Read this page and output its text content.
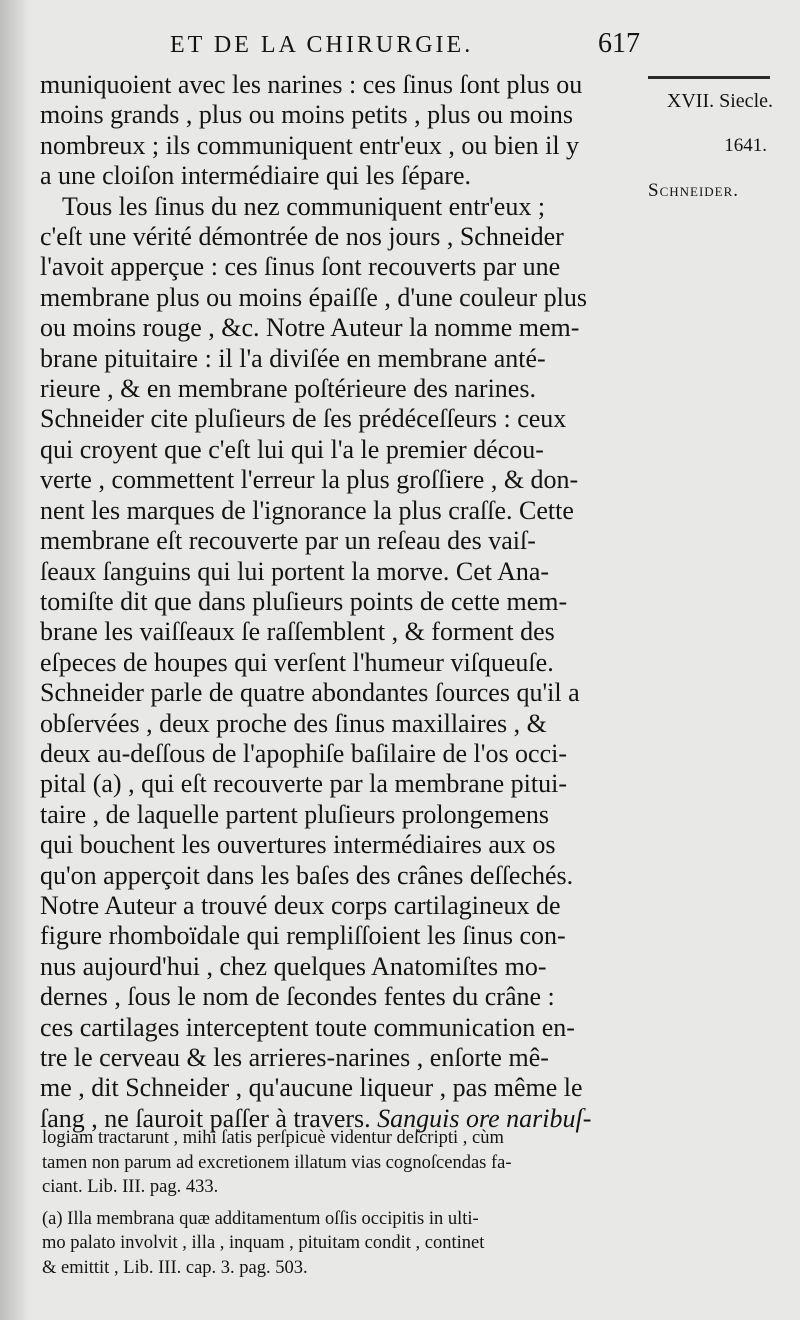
ET DE LA CHIRURGIE.	617
XVII. Siecle.
1641.
Schneider.
muniquoient avec les narines : ces ſinus ſont plus ou
moins grands , plus ou moins petits , plus ou moins
nombreux ; ils communiquent entr'eux , ou bien il y
a une cloiſon intermédiaire qui les ſépare.
Tous les ſinus du nez communiquent entr'eux ;
c'eſt une vérité démontrée de nos jours , Schneider
l'avoit apperçue : ces ſinus ſont recouverts par une
membrane plus ou moins épaiſſe , d'une couleur plus
ou moins rouge , &c. Notre Auteur la nomme mem-
brane pituitaire : il l'a diviſée en membrane anté-
rieure , & en membrane poſtérieure des narines.
Schneider cite pluſieurs de ſes prédéceſſeurs : ceux
qui croyent que c'eſt lui qui l'a le premier décou-
verte , commettent l'erreur la plus groſſiere , & don-
nent les marques de l'ignorance la plus craſſe. Cette
membrane eſt recouverte par un reſeau des vaiſ-
ſeaux ſanguins qui lui portent la morve. Cet Ana-
tomiſte dit que dans pluſieurs points de cette mem-
brane les vaiſſeaux ſe raſſemblent , & forment des
eſpeces de houpes qui verſent l'humeur viſqueuſe.
Schneider parle de quatre abondantes ſources qu'il a
obſervées , deux proche des ſinus maxillaires , &
deux au-deſſous de l'apophiſe baſilaire de l'os occi-
pital (a) , qui eſt recouverte par la membrane pitui-
taire , de laquelle partent pluſieurs prolongemens
qui bouchent les ouvertures intermédiaires aux os
qu'on apperçoit dans les baſes des crânes deſſechés.
Notre Auteur a trouvé deux corps cartilagineux de
figure rhomboïdale qui rempliſſoient les ſinus con-
nus aujourd'hui , chez quelques Anatomiſtes mo-
dernes , ſous le nom de ſecondes fentes du crâne :
ces cartilages interceptent toute communication en-
tre le cerveau & les arrieres-narines , enſorte mê-
me , dit Schneider , qu'aucune liqueur , pas même le
ſang , ne ſauroit paſſer à travers. Sanguis ore naribuſ-
logiam tractarunt , mihi ſatis perſpicuè videntur deſcripti , cùm
tamen non parum ad excretionem illatum vias cognoſcendas fa-
ciant. Lib. III. pag. 433.
(a) Illa membrana quæ additamentum oſſis occipitis in ulti-
mo palato involvit , illa , inquam , pituitam condit , continet
& emittit , Lib. III. cap. 3. pag. 503.
